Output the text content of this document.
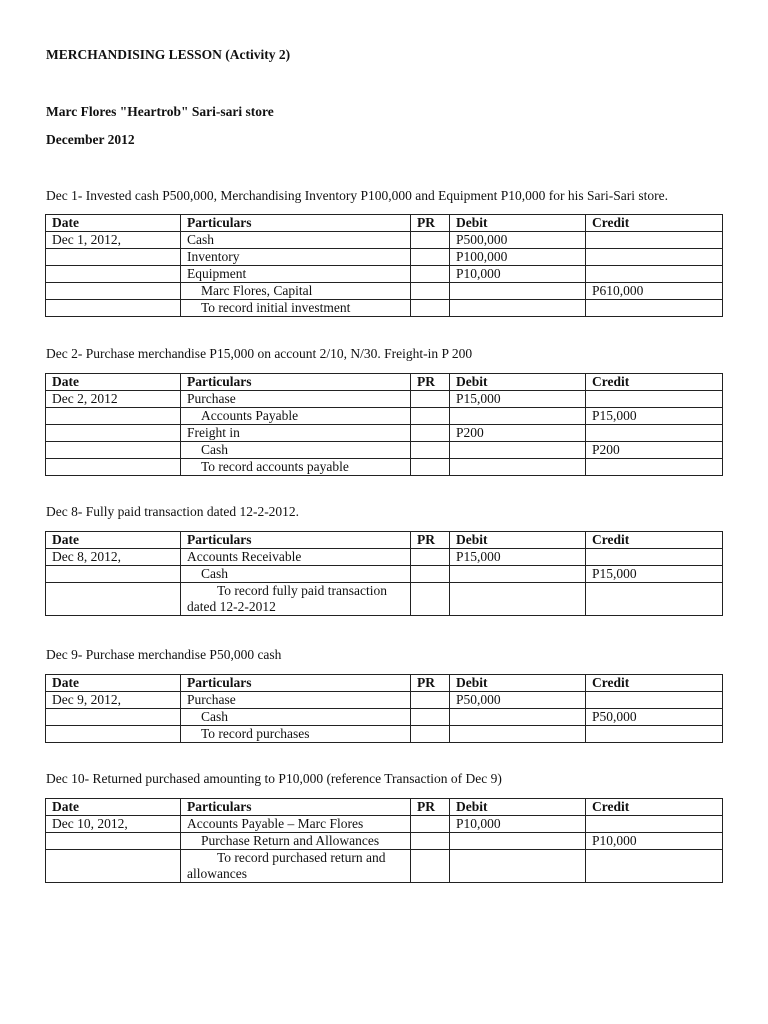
MERCHANDISING LESSON (Activity 2)
Marc Flores "Heartrob" Sari-sari store
December 2012
Dec 1- Invested cash P500,000, Merchandising Inventory P100,000 and Equipment P10,000 for his Sari-Sari store.
Date	Particulars	PR	Debit	Credit
Dec 1, 2012,	Cash		P500,000	
	Inventory		P100,000	
	Equipment		P10,000	
	Marc Flores, Capital			P610,000
	To record initial investment			
Dec 2- Purchase merchandise P15,000 on account 2/10, N/30. Freight-in P 200
Date	Particulars	PR	Debit	Credit
Dec 2, 2012	Purchase		P15,000	
	Accounts Payable			P15,000
	Freight in		P200	
	Cash			P200
	To record accounts payable			
Dec 8- Fully paid transaction dated 12-2-2012.
Date	Particulars	PR	Debit	Credit
Dec 8, 2012,	Accounts Receivable		P15,000	
	Cash			P15,000
	To record fully paid transaction dated 12-2-2012			
Dec 9- Purchase merchandise P50,000 cash
Date	Particulars	PR	Debit	Credit
Dec 9, 2012,	Purchase		P50,000	
	Cash			P50,000
	To record purchases			
Dec 10- Returned purchased amounting to P10,000 (reference Transaction of Dec 9)
Date	Particulars	PR	Debit	Credit
Dec 10, 2012,	Accounts Payable – Marc Flores		P10,000	
	Purchase Return and Allowances			P10,000
	To record purchased return and allowances			
